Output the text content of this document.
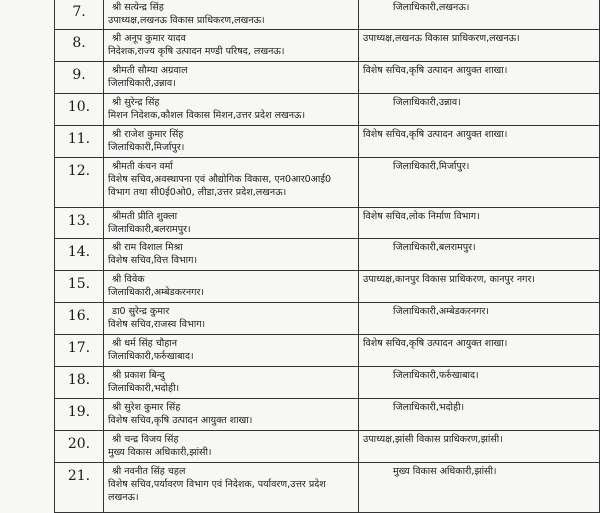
7.	श्री सत्येन्द्र सिंह
उपाध्यक्ष,लखनऊ विकास प्राधिकरण,लखनऊ।	जिलाधिकारी,लखनऊ।

8.	श्री अनूप कुमार यादव
निदेशक,राज्य कृषि उत्पादन मण्डी परिषद, लखनऊ।	उपाध्यक्ष,लखनऊ विकास प्राधिकरण,लखनऊ।

9.	श्रीमती सौम्या अग्रवाल
जिलाधिकारी,उन्नाव।	विशेष सचिव,कृषि उत्पादन आयुक्त शाखा।

10.	श्री सुरेन्द्र सिंह
मिशन निदेशक,कौशल विकास मिशन,उत्तर प्रदेश लखनऊ।	जिलाधिकारी,उन्नाव।

11.	श्री राजेश कुमार सिंह
जिलाधिकारी,मिर्जापुर।	विशेष सचिव,कृषि उत्पादन आयुक्त शाखा।

12.	श्रीमती कंचन वर्मा
विशेष सचिव,अवस्थापना एवं औद्योगिक विकास, एन0आर0आई0 विभाग तथा सी0ई0ओ0, लीडा,उत्तर प्रदेश,लखनऊ।	जिलाधिकारी,मिर्जापुर।

13.	श्रीमती प्रीति शुक्ला
जिलाधिकारी,बलरामपुर।	विशेष सचिव,लोक निर्माण विभाग।

14.	श्री राम विशाल मिश्रा
विशेष सचिव,वित्त विभाग।	जिलाधिकारी,बलरामपुर।

15.	श्री विवेक
जिलाधिकारी,अम्बेडकरनगर।	उपाध्यक्ष,कानपुर विकास प्राधिकरण, कानपुर नगर।

16.	डा0 सुरेन्द्र कुमार
विशेष सचिव,राजस्व विभाग।	जिलाधिकारी,अम्बेडकरनगर।

17.	श्री धर्म सिंह चौहान
जिलाधिकारी,फर्रुखाबाद।	विशेष सचिव,कृषि उत्पादन आयुक्त शाखा।

18.	श्री प्रकाश बिन्दु
जिलाधिकारी,भदोही।	जिलाधिकारी,फर्रुखाबाद।

19.	श्री सुरेश कुमार सिंह
विशेष सचिव,कृषि उत्पादन आयुक्त शाखा।	जिलाधिकारी,भदोही।

20.	श्री चन्द्र विजय सिंह
मुख्य विकास अधिकारी,झांसी।	उपाध्यक्ष,झांसी विकास प्राधिकरण,झांसी।

21.	श्री नवनीत सिंह चहल
विशेष सचिव,पर्यावरण विभाग एवं निदेशक, पर्यावरण,उत्तर प्रदेश लखनऊ।	मुख्य विकास अधिकारी,झांसी।
